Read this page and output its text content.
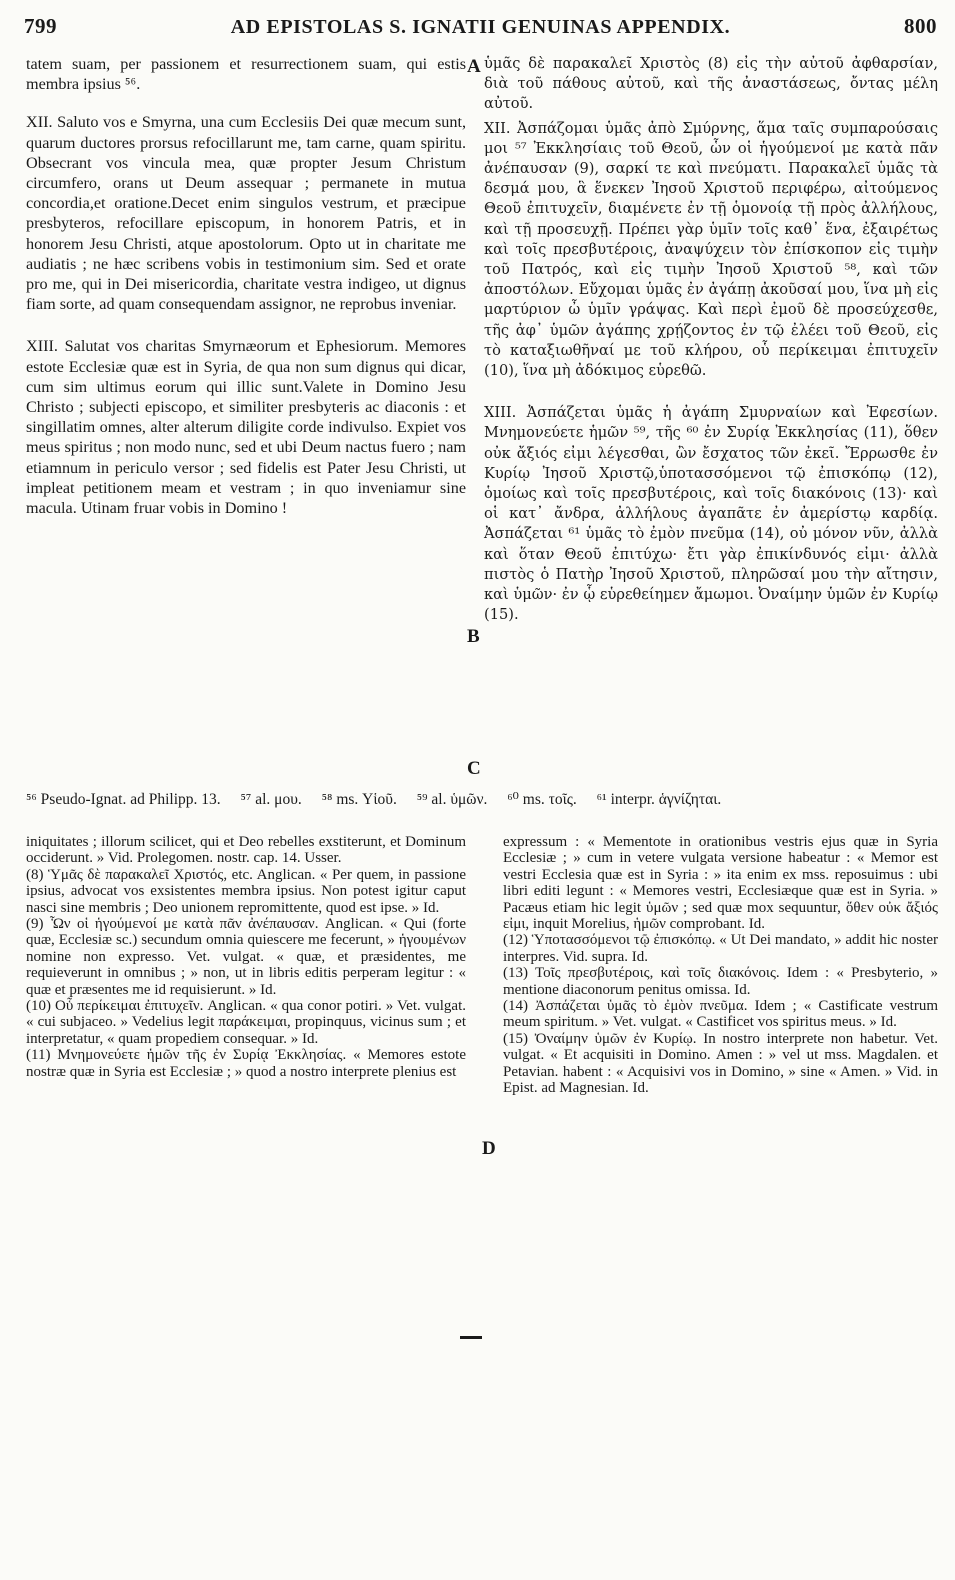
799	AD EPISTOLAS S. IGNATII GENUINAS APPENDIX.	800
A
B
C
D

tatem suam, per passionem et resurrectionem suam, qui estis membra ipsius ⁵⁶.

XII. Saluto vos e Smyrna, una cum Ecclesiis Dei quæ mecum sunt, quarum ductores prorsus refocillarunt me, tam carne, quam spiritu. Obsecrant vos vincula mea, quæ propter Jesum Christum circumfero, orans ut Deum assequar ; permanete in mutua concordia,et oratione.Decet enim singulos vestrum, et præcipue presbyteros, refocillare episcopum, in honorem Patris, et in honorem Jesu Christi, atque apostolorum. Opto ut in charitate me audiatis ; ne hæc scribens vobis in testimonium sim. Sed et orate pro me, qui in Dei misericordia, charitate vestra indigeo, ut dignus fiam sorte, ad quam consequendam assignor, ne reprobus inveniar.

XIII. Salutat vos charitas Smyrnæorum et Ephesiorum. Memores estote Ecclesiæ quæ est in Syria, de qua non sum dignus qui dicar, cum sim ultimus eorum qui illic sunt.Valete in Domino Jesu Christo ; subjecti episcopo, et similiter presbyteris ac diaconis : et singillatim omnes, alter alterum diligite corde indivulso. Expiet vos meus spiritus ; non modo nunc, sed et ubi Deum nactus fuero ; nam etiamnum in periculo versor ; sed fidelis est Pater Jesu Christi, ut impleat petitionem meam et vestram ; in quo inveniamur sine macula. Utinam fruar vobis in Domino !

ὑμᾶς δὲ παρακαλεῖ Χριστὸς (8) εἰς τὴν αὐτοῦ ἀφθαρσίαν, διὰ τοῦ πάθους αὐτοῦ, καὶ τῆς ἀναστάσεως, ὄντας μέλη αὐτοῦ.

XII. Ἀσπάζομαι ὑμᾶς ἀπὸ Σμύρνης, ἅμα ταῖς συμπαρούσαις μοι ⁵⁷ Ἐκκλησίαις τοῦ Θεοῦ, ὧν οἱ ἡγούμενοί με κατὰ πᾶν ἀνέπαυσαν (9), σαρκί τε καὶ πνεύματι. Παρακαλεῖ ὑμᾶς τὰ δεσμά μου, ἃ ἕνεκεν Ἰησοῦ Χριστοῦ περιφέρω, αἰτούμενος Θεοῦ ἐπιτυχεῖν, διαμένετε ἐν τῇ ὁμονοίᾳ τῇ πρὸς ἀλλήλους, καὶ τῇ προσευχῇ. Πρέπει γὰρ ὑμῖν τοῖς καθ᾽ ἕνα, ἐξαιρέτως καὶ τοῖς πρεσβυτέροις, ἀναψύχειν τὸν ἐπίσκοπον εἰς τιμὴν τοῦ Πατρός, καὶ εἰς τιμὴν Ἰησοῦ Χριστοῦ ⁵⁸, καὶ τῶν ἀποστόλων. Εὔχομαι ὑμᾶς ἐν ἀγάπῃ ἀκοῦσαί μου, ἵνα μὴ εἰς μαρτύριον ὦ ὑμῖν γράψας. Καὶ περὶ ἐμοῦ δὲ προσεύχεσθε, τῆς ἀφ᾽ ὑμῶν ἀγάπης χρῄζοντος ἐν τῷ ἐλέει τοῦ Θεοῦ, εἰς τὸ καταξιωθῆναί με τοῦ κλήρου, οὗ περίκειμαι ἐπιτυχεῖν (10), ἵνα μὴ ἀδόκιμος εὑρεθῶ.

XIII. Ἀσπάζεται ὑμᾶς ἡ ἀγάπη Σμυρναίων καὶ Ἐφεσίων. Μνημονεύετε ἡμῶν ⁵⁹, τῆς ⁶⁰ ἐν Συρίᾳ Ἐκκλησίας (11), ὅθεν οὐκ ἄξιός εἰμι λέγεσθαι, ὢν ἔσχατος τῶν ἐκεῖ. Ἔρρωσθε ἐν Κυρίῳ Ἰησοῦ Χριστῷ,ὑποτασσόμενοι τῷ ἐπισκόπῳ (12), ὁμοίως καὶ τοῖς πρεσβυτέροις, καὶ τοῖς διακόνοις (13)· καὶ οἱ κατ᾽ ἄνδρα, ἀλλήλους ἀγαπᾶτε ἐν ἀμερίστῳ καρδίᾳ. Ἀσπάζεται ⁶¹ ὑμᾶς τὸ ἐμὸν πνεῦμα (14), οὐ μόνον νῦν, ἀλλὰ καὶ ὅταν Θεοῦ ἐπιτύχω· ἔτι γὰρ ἐπικίνδυνός εἰμι· ἀλλὰ πιστὸς ὁ Πατὴρ Ἰησοῦ Χριστοῦ, πληρῶσαί μου τὴν αἴτησιν, καὶ ὑμῶν· ἐν ᾧ εὑρεθείημεν ἄμωμοι. Ὀναίμην ὑμῶν ἐν Κυρίῳ (15).

⁵⁶ Pseudo-Ignat. ad Philipp. 13. ⁵⁷ al. μου. ⁵⁸ ms. Υἱοῦ. ⁵⁹ al. ὑμῶν. ⁶⁰ ms. τοῖς. ⁶¹ interpr. ἁγνίζηται.

iniquitates ; illorum scilicet, qui et Deo rebelles exstiterunt, et Dominum occiderunt. » Vid. Prolegomen. nostr. cap. 14. Usser.

(8) Ὑμᾶς δὲ παρακαλεῖ Χριστός, etc. Anglican. « Per quem, in passione ipsius, advocat vos exsistentes membra ipsius. Non potest igitur caput nasci sine membris ; Deo unionem repromittente, quod est ipse. » Id.

(9) Ὧν οἱ ἡγούμενοί με κατὰ πᾶν ἀνέπαυσαν. Anglican. « Qui (forte quæ, Ecclesiæ sc.) secundum omnia quiescere me fecerunt, » ἡγουμένων nomine non expresso. Vet. vulgat. « quæ, et præsidentes, me requieverunt in omnibus ; » non, ut in libris editis perperam legitur : « quæ et præsentes me id requisierunt. » Id.

(10) Οὗ περίκειμαι ἐπιτυχεῖν. Anglican. « qua conor potiri. » Vet. vulgat. « cui subjaceo. » Vedelius legit παράκειμαι, propinquus, vicinus sum ; et interpretatur, « quam propediem consequar. » Id.

(11) Μνημονεύετε ἡμῶν τῆς ἐν Συρίᾳ Ἐκκλησίας. « Memores estote nostræ quæ in Syria est Ecclesiæ ; » quod a nostro interprete plenius est

expressum : « Mementote in orationibus vestris ejus quæ in Syria Ecclesiæ ; » cum in vetere vulgata versione habeatur : « Memor est vestri Ecclesia quæ est in Syria : » ita enim ex mss. reposuimus : ubi libri editi legunt : « Memores vestri, Ecclesiæque quæ est in Syria. » Pacæus etiam hic legit ὑμῶν ; sed quæ mox sequuntur, ὅθεν οὐκ ἄξιός εἰμι, inquit Morelius, ἡμῶν comprobant. Id.

(12) Ὑποτασσόμενοι τῷ ἐπισκόπῳ. « Ut Dei mandato, » addit hic noster interpres. Vid. supra. Id.

(13) Τοῖς πρεσβυτέροις, καὶ τοῖς διακόνοις. Idem : « Presbyterio, » mentione diaconorum penitus omissa. Id.

(14) Ἀσπάζεται ὑμᾶς τὸ ἐμὸν πνεῦμα. Idem ; « Castificate vestrum meum spiritum. » Vet. vulgat. « Castificet vos spiritus meus. » Id.

(15) Ὀναίμην ὑμῶν ἐν Κυρίῳ. In nostro interprete non habetur. Vet. vulgat. « Et acquisiti in Domino. Amen : » vel ut mss. Magdalen. et Petavian. habent : « Acquisivi vos in Domino, » sine « Amen. » Vid. in Epist. ad Magnesian. Id.
